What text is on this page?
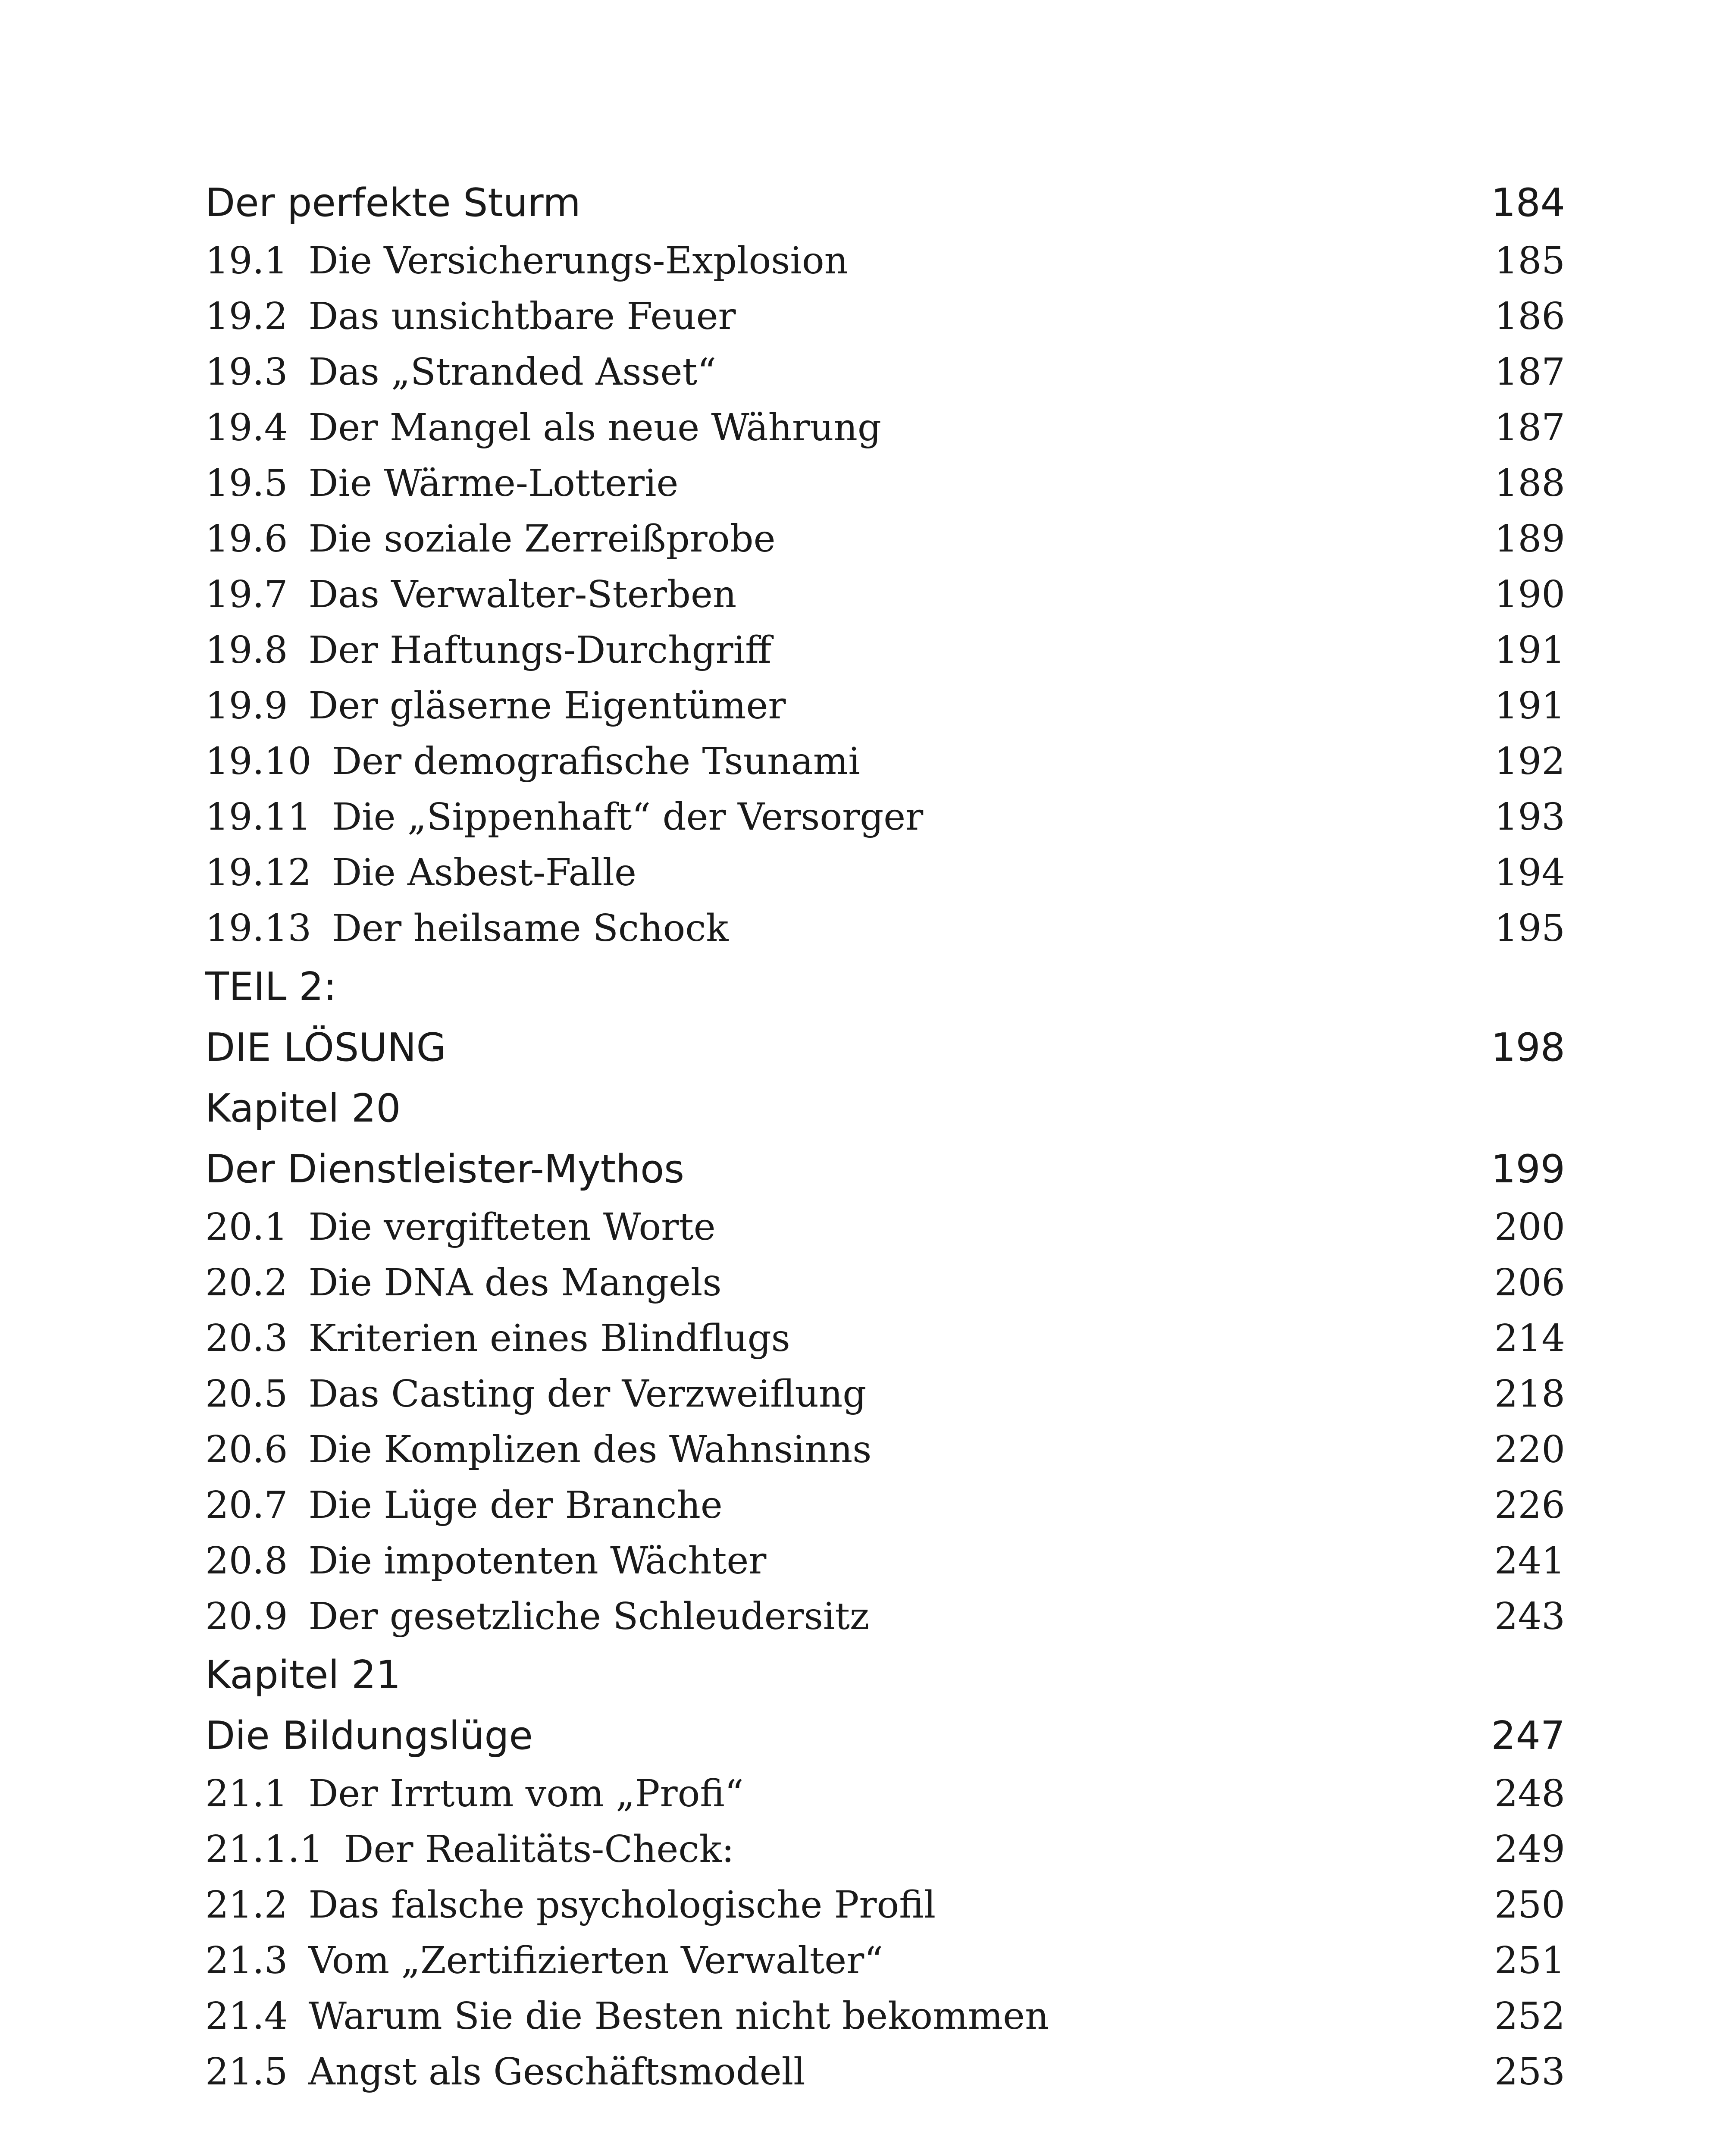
Der perfekte Sturm	184
19.1 Die Versicherungs-Explosion	185
19.2 Das unsichtbare Feuer	186
19.3 Das „Stranded Asset“	187
19.4 Der Mangel als neue Währung	187
19.5 Die Wärme-Lotterie	188
19.6 Die soziale Zerreißprobe	189
19.7 Das Verwalter-Sterben	190
19.8 Der Haftungs-Durchgriff	191
19.9 Der gläserne Eigentümer	191
19.10 Der demografische Tsunami	192
19.11 Die „Sippenhaft“ der Versorger	193
19.12 Die Asbest-Falle	194
19.13 Der heilsame Schock	195
TEIL 2:
DIE LÖSUNG	198
Kapitel 20
Der Dienstleister-Mythos	199
20.1 Die vergifteten Worte	200
20.2 Die DNA des Mangels	206
20.3 Kriterien eines Blindflugs	214
20.5 Das Casting der Verzweiflung	218
20.6 Die Komplizen des Wahnsinns	220
20.7 Die Lüge der Branche	226
20.8 Die impotenten Wächter	241
20.9 Der gesetzliche Schleudersitz	243
Kapitel 21
Die Bildungslüge	247
21.1 Der Irrtum vom „Profi“	248
21.1.1 Der Realitäts-Check:	249
21.2 Das falsche psychologische Profil	250
21.3 Vom „Zertifizierten Verwalter“	251
21.4 Warum Sie die Besten nicht bekommen	252
21.5 Angst als Geschäftsmodell	253
